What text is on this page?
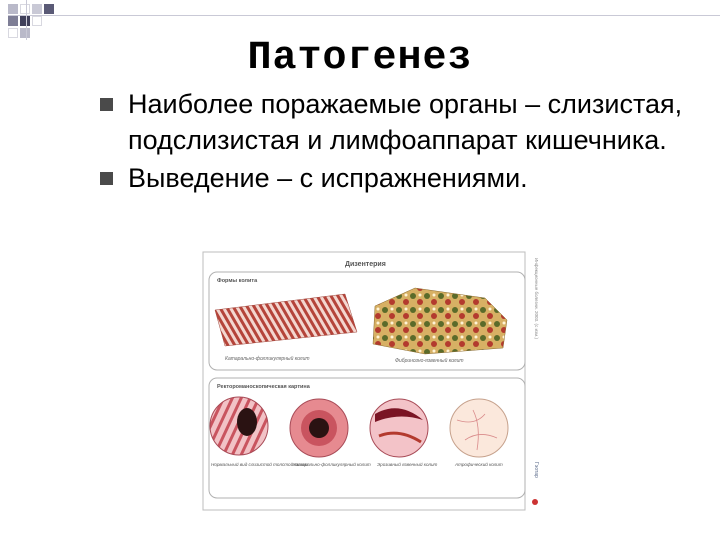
Патогенез
Наиболее поражаемые органы – слизистая, подслизистая и лимфоаппарат кишечника.
Выведение – с испражнениями.
Дизентерия
Формы колита
Катарально-фолликулярный колит	Фибринозно-язвенный колит
Ректороманоскопическая картина
Нормальный вид слизистой толстой кишки
Катаральнo-фолликулярный колит Эрозивный язвенный колит	Атрофический колит
Инфекционные болезни. 2003. (с изм.)
Гэотар
